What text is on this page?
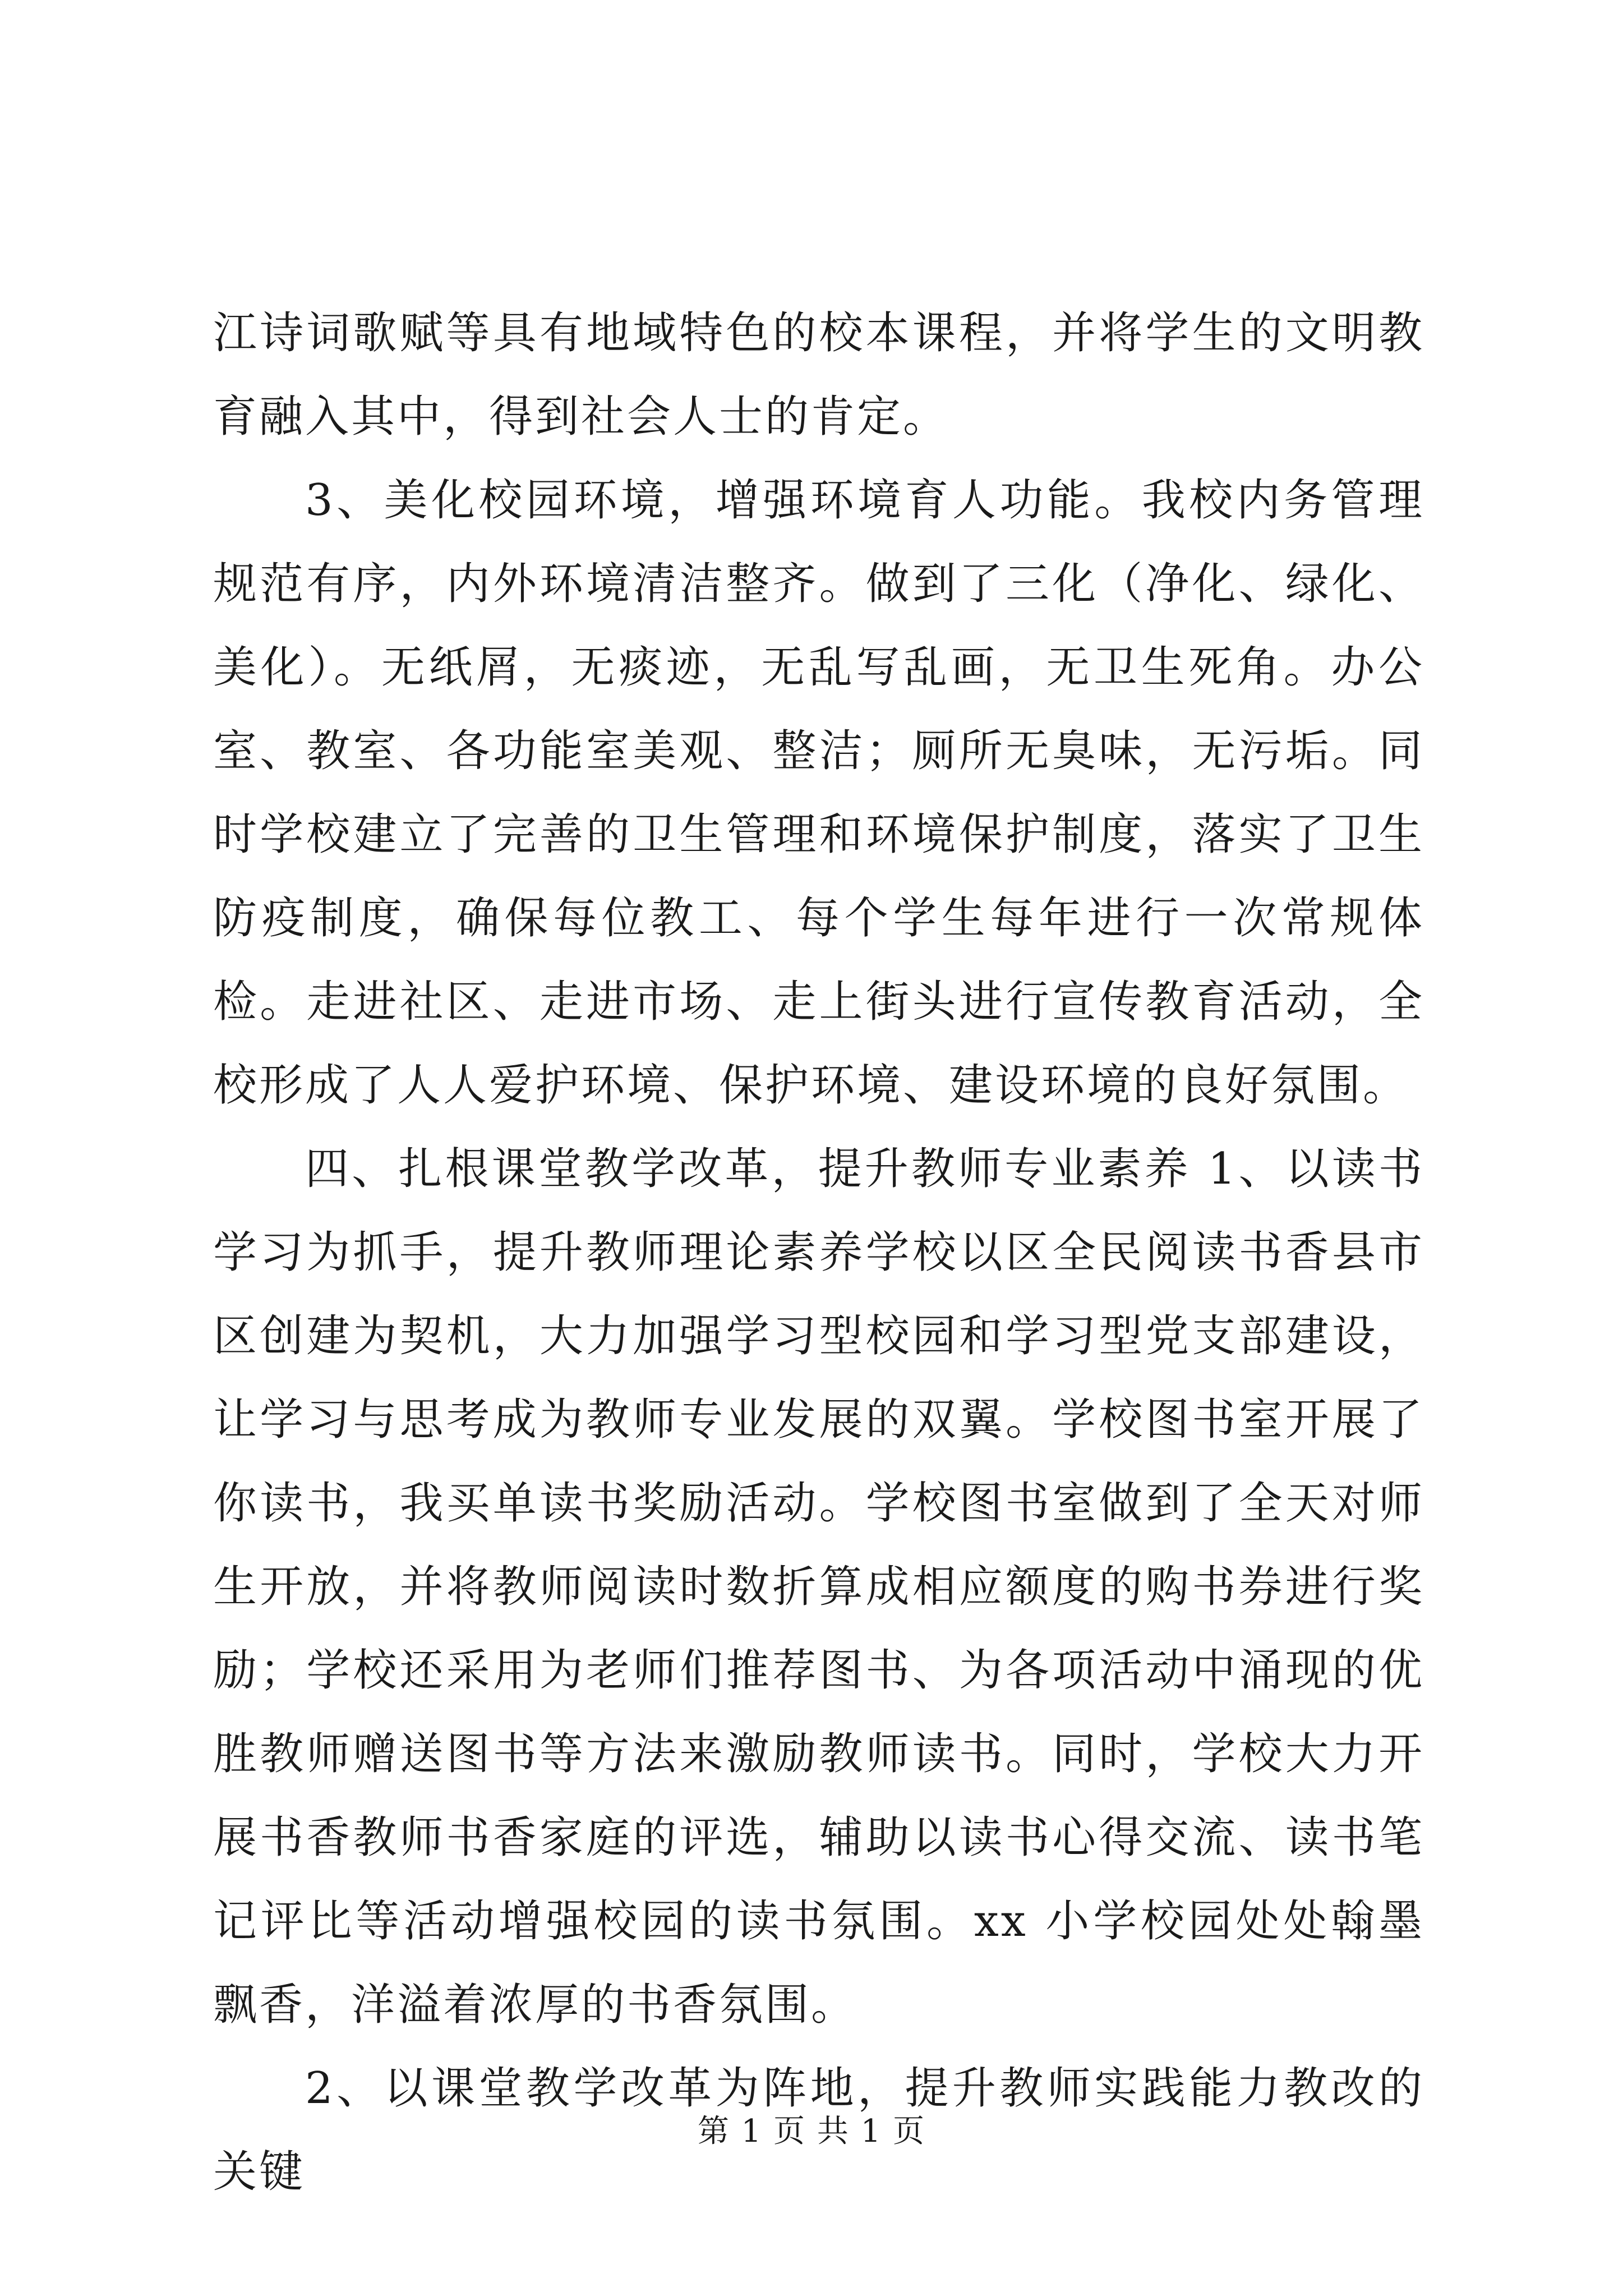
江诗词歌赋等具有地域特色的校本课程，并将学生的文明教育融入其中，得到社会人士的肯定。

3、美化校园环境，增强环境育人功能。我校内务管理规范有序，内外环境清洁整齐。做到了三化（净化、绿化、美化）。无纸屑，无痰迹，无乱写乱画，无卫生死角。办公室、教室、各功能室美观、整洁；厕所无臭味，无污垢。同时学校建立了完善的卫生管理和环境保护制度，落实了卫生防疫制度，确保每位教工、每个学生每年进行一次常规体检。走进社区、走进市场、走上街头进行宣传教育活动，全校形成了人人爱护环境、保护环境、建设环境的良好氛围。

四、扎根课堂教学改革，提升教师专业素养 1、以读书学习为抓手，提升教师理论素养学校以区全民阅读书香县市区创建为契机，大力加强学习型校园和学习型党支部建设，让学习与思考成为教师专业发展的双翼。学校图书室开展了你读书，我买单读书奖励活动。学校图书室做到了全天对师生开放，并将教师阅读时数折算成相应额度的购书券进行奖励；学校还采用为老师们推荐图书、为各项活动中涌现的优胜教师赠送图书等方法来激励教师读书。同时，学校大力开展书香教师书香家庭的评选，辅助以读书心得交流、读书笔记评比等活动增强校园的读书氛围。xx 小学校园处处翰墨飘香，洋溢着浓厚的书香氛围。

2、以课堂教学改革为阵地，提升教师实践能力教改的关键

第 1 页 共 1 页
